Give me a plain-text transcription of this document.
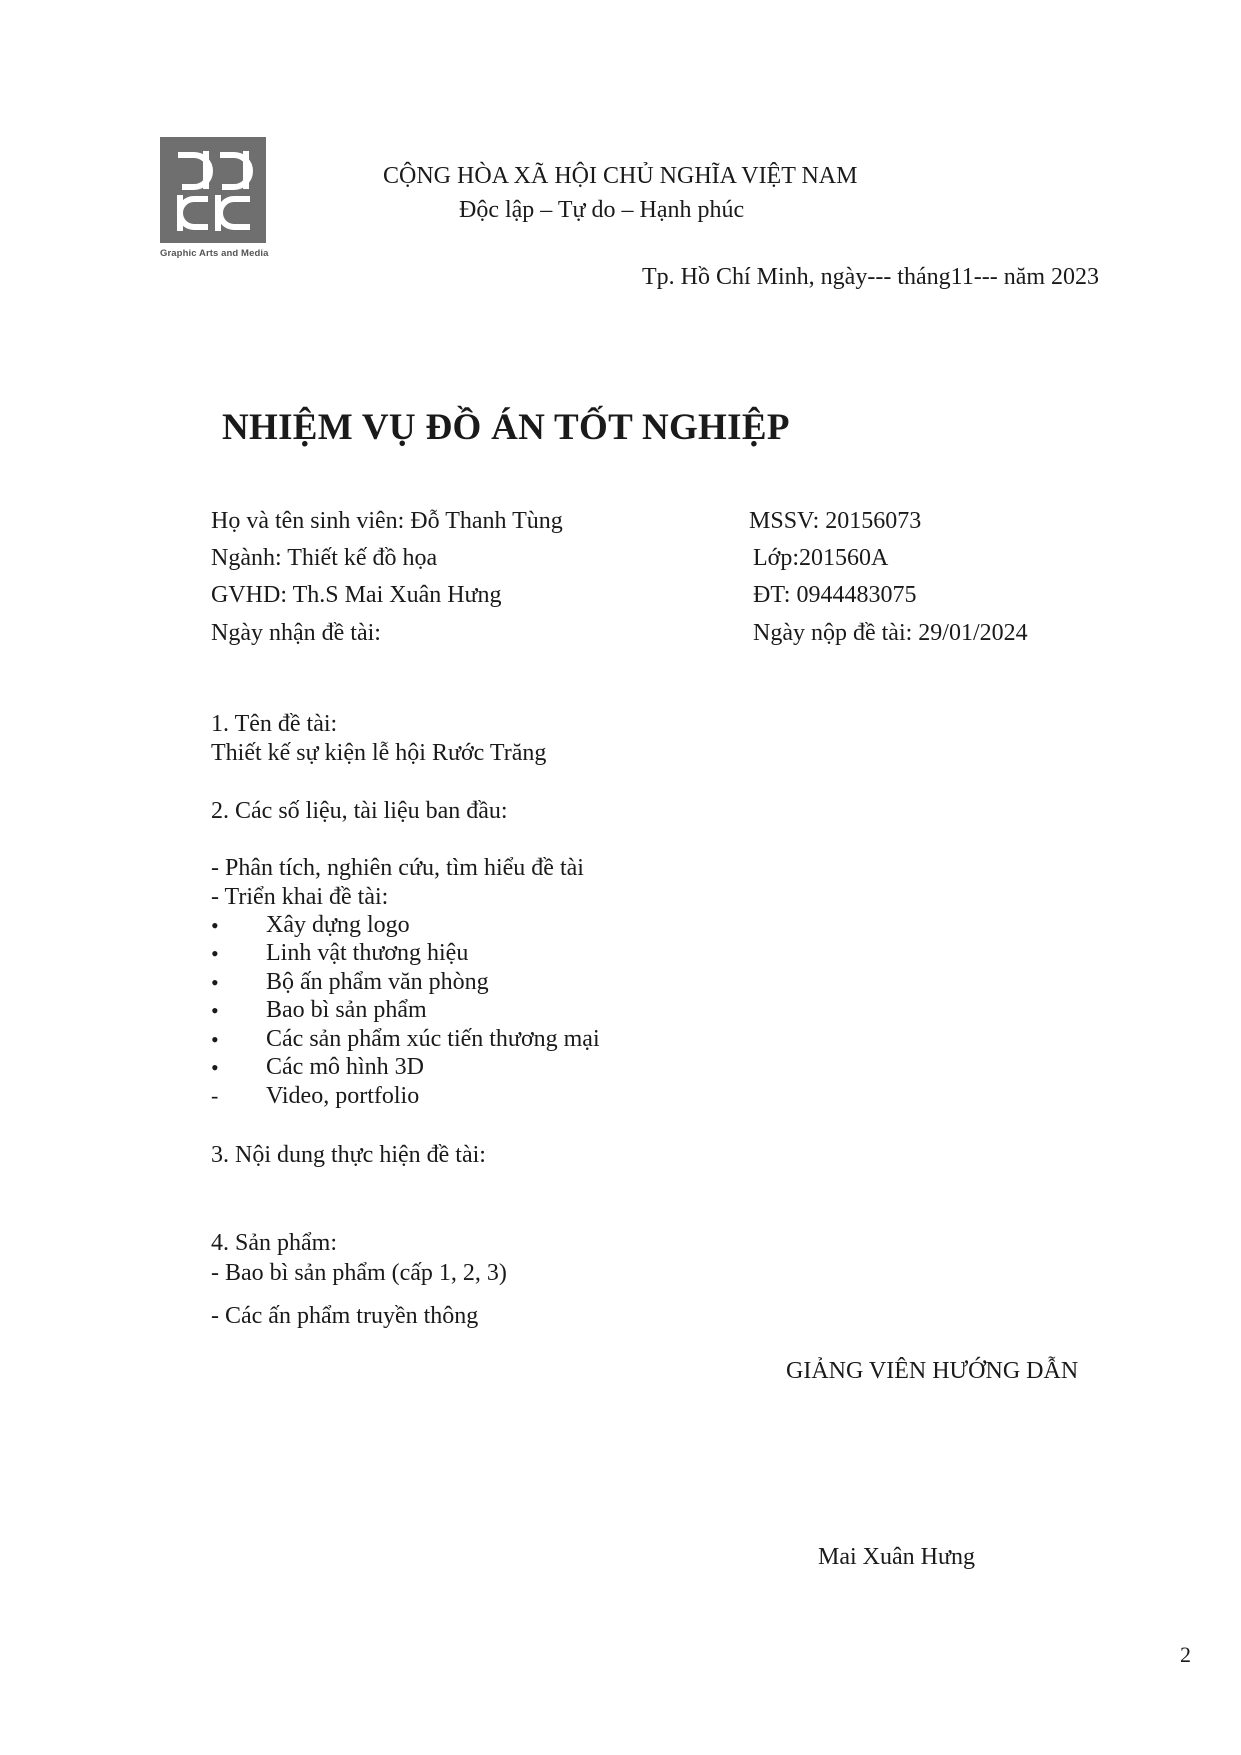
Graphic Arts and Media
CỘNG HÒA XÃ HỘI CHỦ NGHĨA VIỆT NAM
Độc lập – Tự do – Hạnh phúc
Tp. Hồ Chí Minh, ngày--- tháng11--- năm 2023
NHIỆM VỤ ĐỒ ÁN TỐT NGHIỆP
Họ và tên sinh viên: Đỗ Thanh Tùng	MSSV: 20156073
Ngành: Thiết kế đồ họa	Lớp:201560A
GVHD: Th.S Mai Xuân Hưng	ĐT: 0944483075
Ngày nhận đề tài:	Ngày nộp đề tài: 29/01/2024
1. Tên đề tài:
Thiết kế sự kiện lễ hội Rước Trăng
2. Các số liệu, tài liệu ban đầu:
- Phân tích, nghiên cứu, tìm hiểu đề tài
- Triển khai đề tài:
• Xây dựng logo
• Linh vật thương hiệu
• Bộ ấn phẩm văn phòng
• Bao bì sản phẩm
• Các sản phẩm xúc tiến thương mại
• Các mô hình 3D
- Video, portfolio
3. Nội dung thực hiện đề tài:
4. Sản phẩm:
- Bao bì sản phẩm (cấp 1, 2, 3)
- Các ấn phẩm truyền thông
GIẢNG VIÊN HƯỚNG DẪN
Mai Xuân Hưng
2
